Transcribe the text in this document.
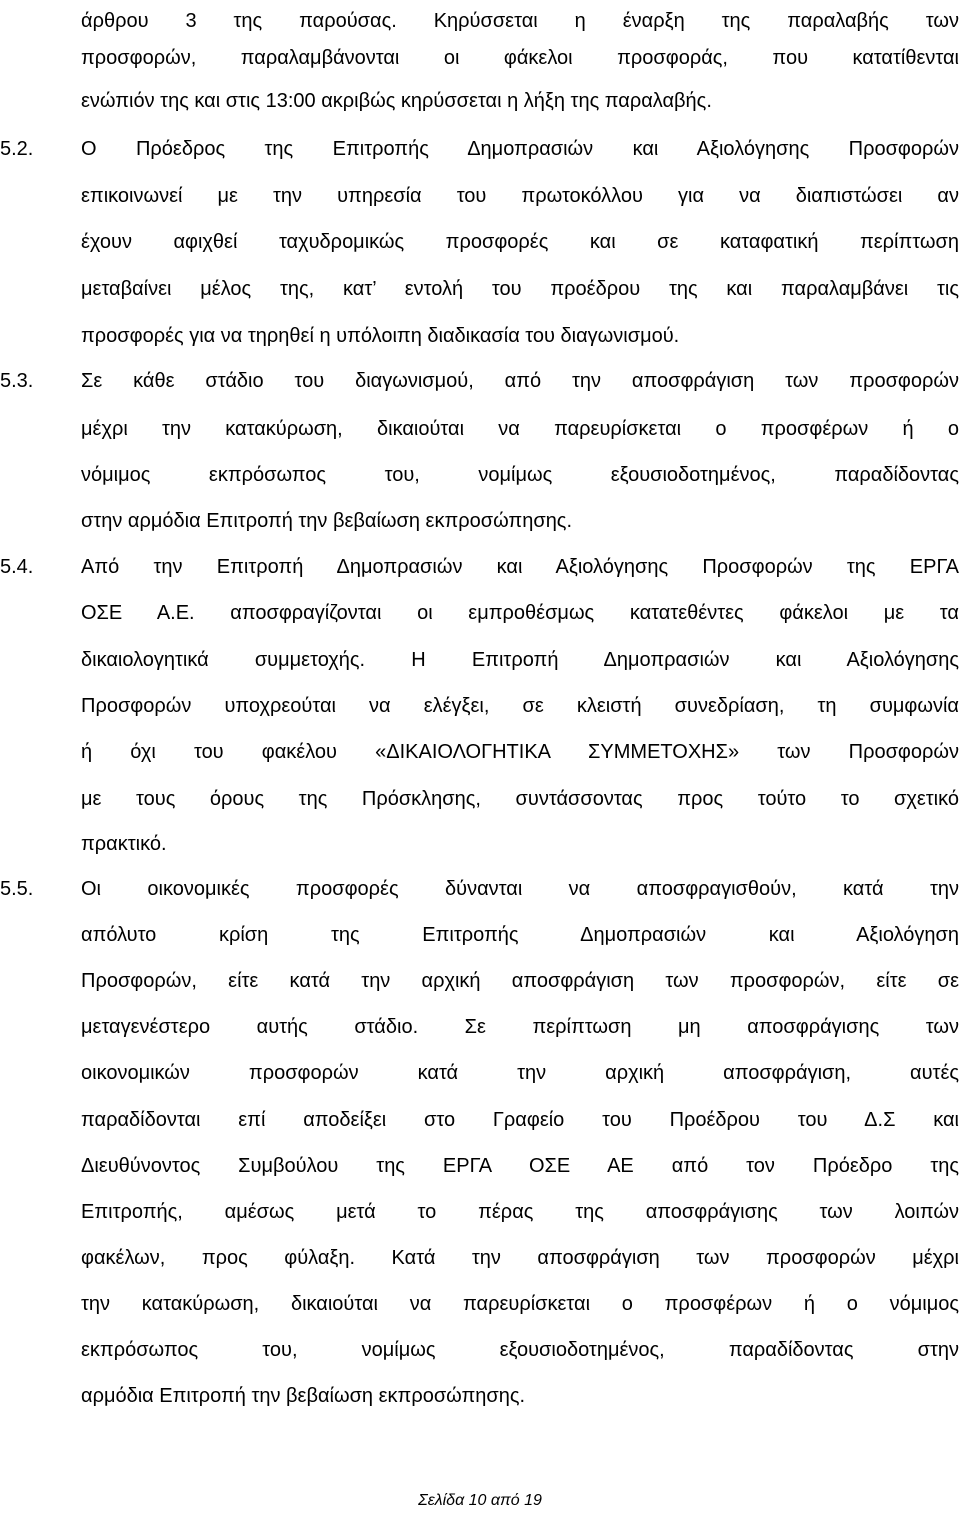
άρθρου 3 της παρούσας. Κηρύσσεται η έναρξη της παραλαβής των
προσφορών, παραλαμβάνονται οι φάκελοι προσφοράς, που κατατίθενται
ενώπιόν της και στις 13:00 ακριβώς κηρύσσεται η λήξη της παραλαβής.
5.2. Ο Πρόεδρος της Επιτροπής Δημοπρασιών και Αξιολόγησης Προσφορών
επικοινωνεί με την υπηρεσία του πρωτοκόλλου για να διαπιστώσει αν
έχουν αφιχθεί ταχυδρομικώς προσφορές και σε καταφατική περίπτωση
μεταβαίνει μέλος της, κατ’ εντολή του προέδρου της και παραλαμβάνει τις
προσφορές για να τηρηθεί η υπόλοιπη διαδικασία του διαγωνισμού.
5.3. Σε κάθε στάδιο του διαγωνισμού, από την αποσφράγιση των προσφορών
μέχρι την κατακύρωση, δικαιούται να παρευρίσκεται ο προσφέρων ή ο
νόμιμος εκπρόσωπος του, νομίμως εξουσιοδοτημένος, παραδίδοντας
στην αρμόδια Επιτροπή την βεβαίωση εκπροσώπησης.
5.4. Από την Επιτροπή Δημοπρασιών και Αξιολόγησης Προσφορών της ΕΡΓΑ
ΟΣΕ Α.Ε. αποσφραγίζονται οι εμπροθέσμως κατατεθέντες φάκελοι με τα
δικαιολογητικά συμμετοχής. Η Επιτροπή Δημοπρασιών και Αξιολόγησης
Προσφορών υποχρεούται να ελέγξει, σε κλειστή συνεδρίαση, τη συμφωνία
ή όχι του φακέλου «ΔΙΚΑΙΟΛΟΓΗΤΙΚΑ ΣΥΜΜΕΤΟΧΗΣ» των Προσφορών
με τους όρους της Πρόσκλησης, συντάσσοντας προς τούτο το σχετικό
πρακτικό.
5.5. Οι οικονομικές προσφορές δύνανται να αποσφραγισθούν, κατά την
απόλυτο κρίση της Επιτροπής Δημοπρασιών και Αξιολόγηση
Προσφορών, είτε κατά την αρχική αποσφράγιση των προσφορών, είτε σε
μεταγενέστερο αυτής στάδιο. Σε περίπτωση μη αποσφράγισης των
οικονομικών προσφορών κατά την αρχική αποσφράγιση, αυτές
παραδίδονται επί αποδείξει στο Γραφείο του Προέδρου του Δ.Σ και
Διευθύνοντος Συμβούλου της ΕΡΓΑ ΟΣΕ ΑΕ από τον Πρόεδρο της
Επιτροπής, αμέσως μετά το πέρας της αποσφράγισης των λοιπών
φακέλων, προς φύλαξη. Κατά την αποσφράγιση των προσφορών μέχρι
την κατακύρωση, δικαιούται να παρευρίσκεται ο προσφέρων ή ο νόμιμος
εκπρόσωπος του, νομίμως εξουσιοδοτημένος, παραδίδοντας στην
αρμόδια Επιτροπή την βεβαίωση εκπροσώπησης.
Σελίδα 10 από 19
